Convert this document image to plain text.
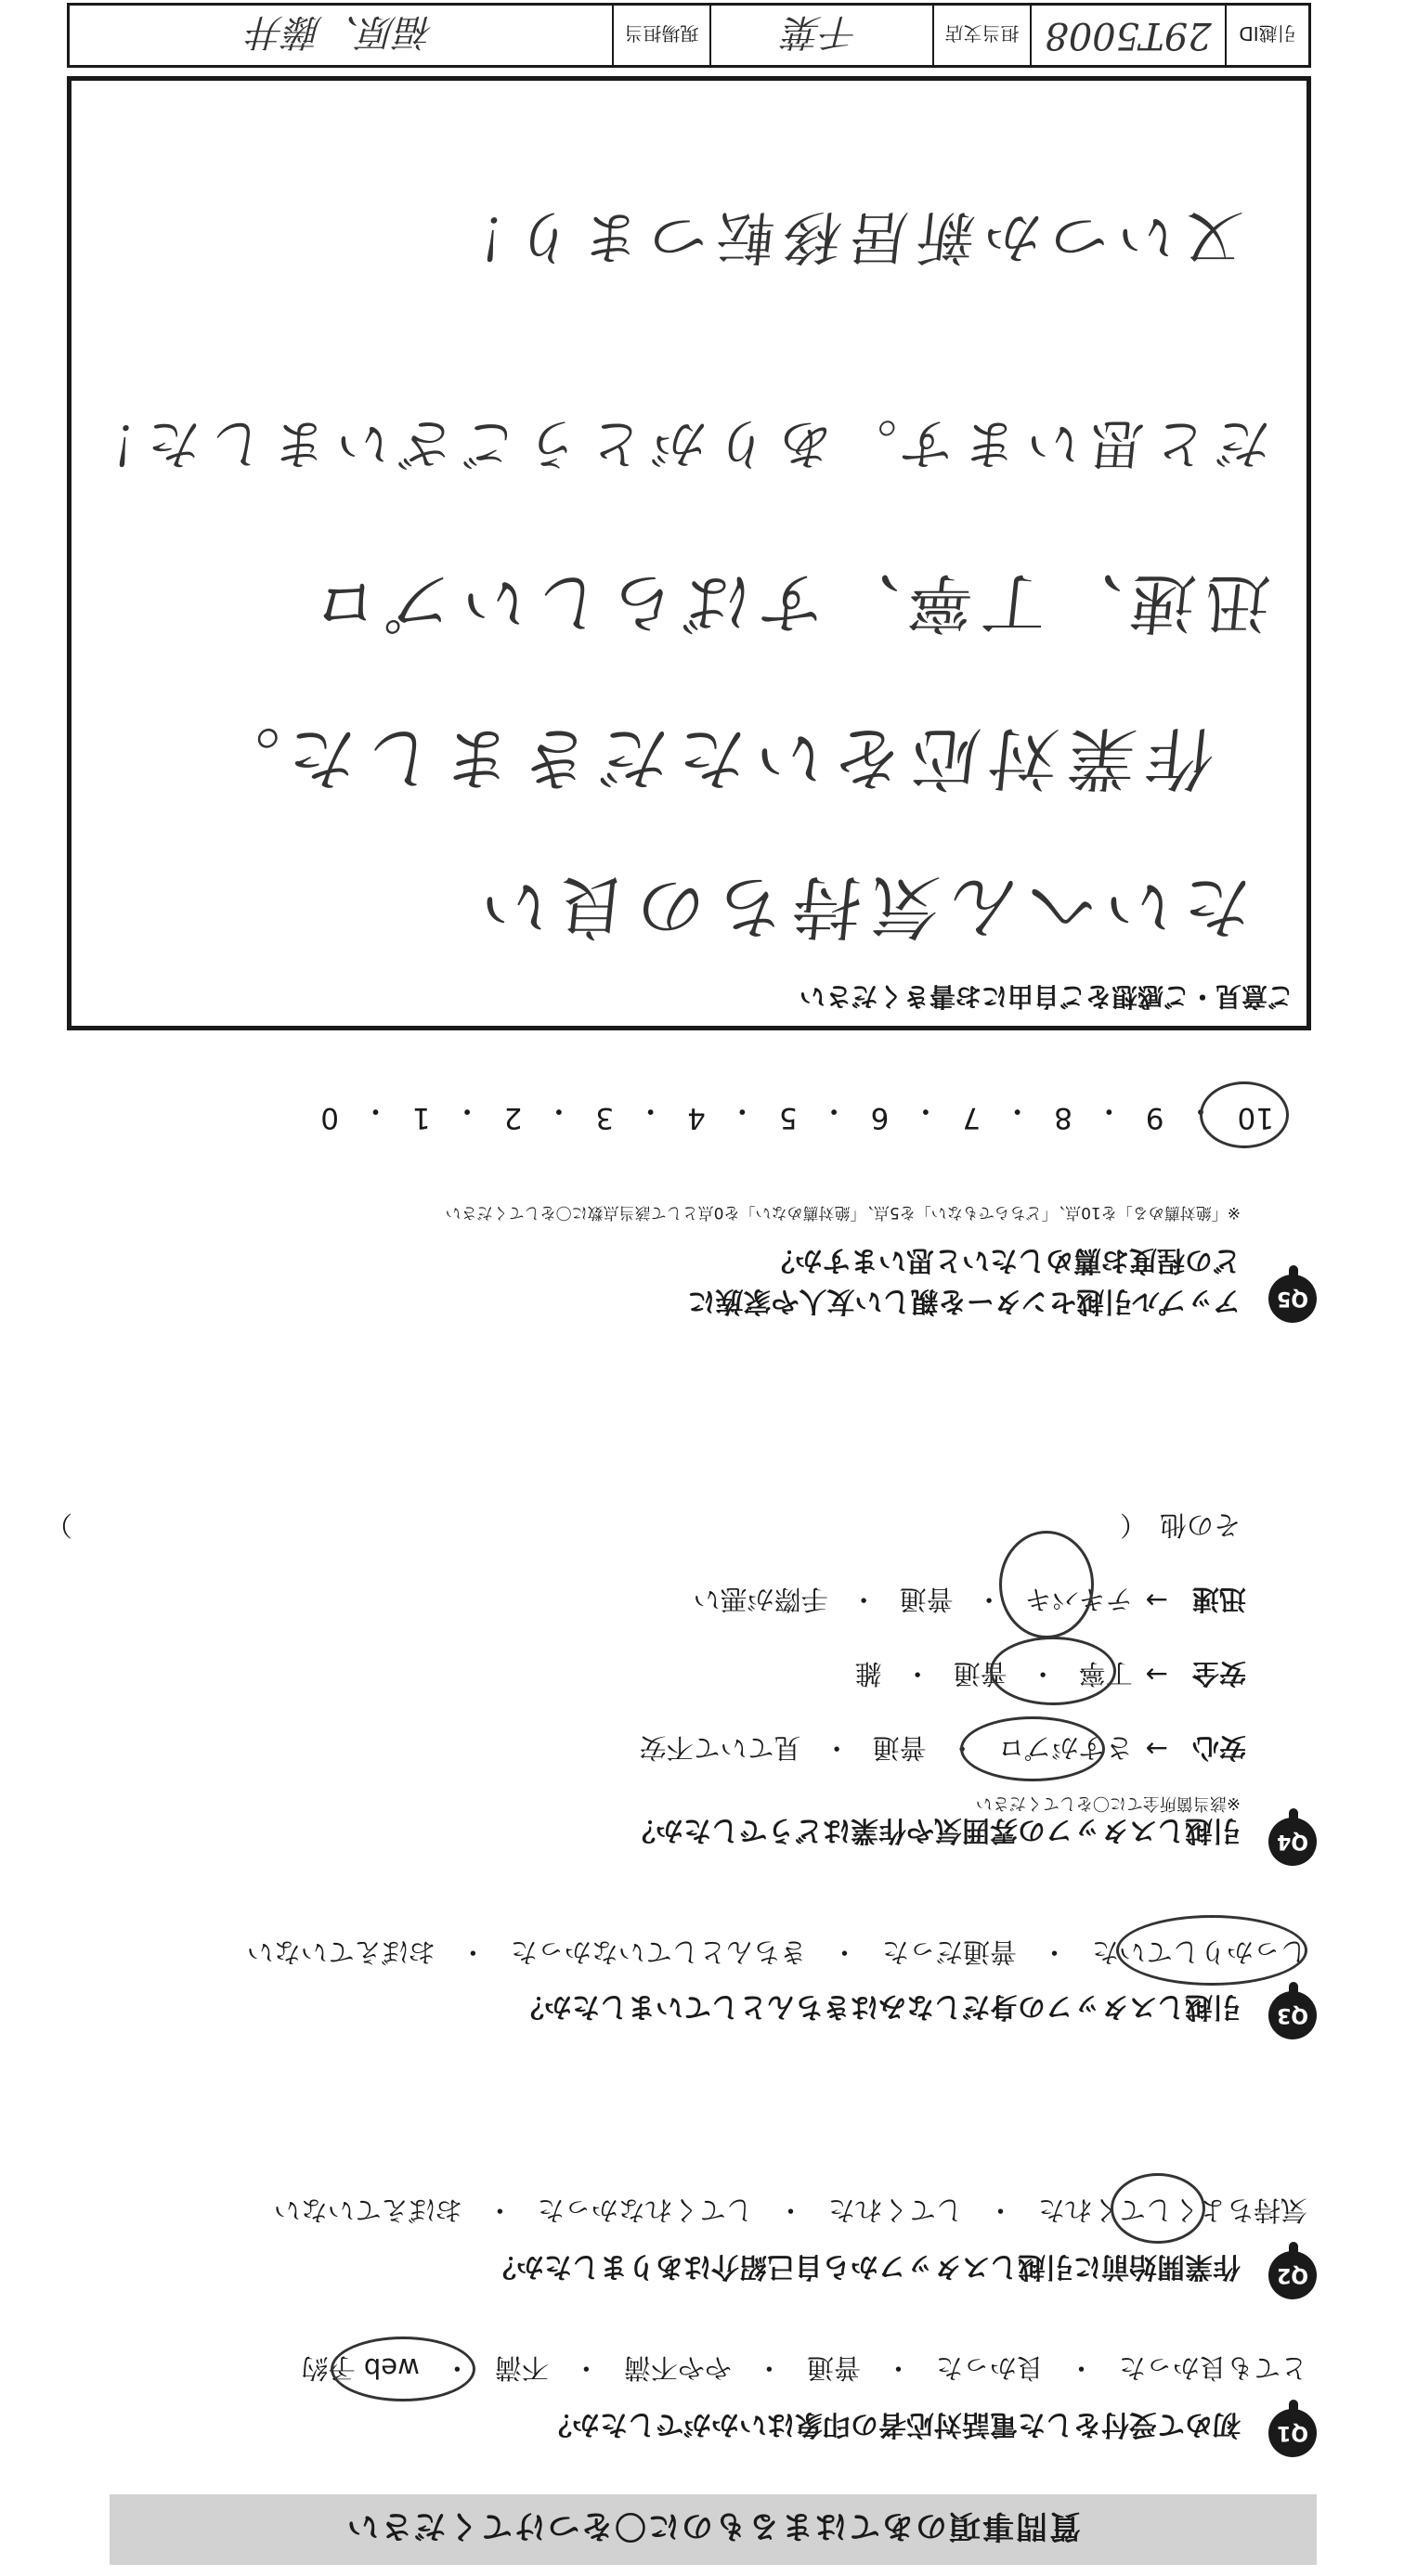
質問事項のあてはまるものに〇をつけてください
Q1
初めて受付をした電話対応者の印象はいかがでしたか？
とても良かった
・
良かった
・
普通
・
やや不満
・
不満
・
web 予約
Q2
作業開始前に引越しスタッフから自己紹介はありましたか？
気持ちよくしてくれた
・
してくれた
・
してくれなかった
・
おぼえていない
Q3
引越しスタッフの身だしなみはきちんとしていましたか？
しっかりしていた
・
普通だった
・
きちんとしていなかった
・
おぼえていない
Q4
引越しスタッフの雰囲気や作業はどうでしたか？
※該当箇所全てに〇をしてください
安心
→
さすがプロ
・
普通
・
見ていて不安
安全
→
丁寧
・
普通
・
雑
迅速
→
テキパキ
・
普通
・
手際が悪い
その他
（
）
Q5
アップル引越センターを親しい友人や家族に
どの程度お薦めしたいと思いますか？
※「絶対薦める」を10点、「どちらでもない」を5点、「絶対薦めない」を0点として該当点数に〇をしてください
10
・
9
・
8
・
7
・
6
・
5
・
4
・
3
・
2
・
1
・
0
ご意見・ご感想をご自由にお書きください
たいへん気持ちの良い
作業対応をいただきました。
迅速、丁寧、すばらしいプロ
だと思います。ありがとうございました！
又いつか新居移転つまり！
引越ID
29T5008
担当支店
千葉
現場担当
福原、藤井
